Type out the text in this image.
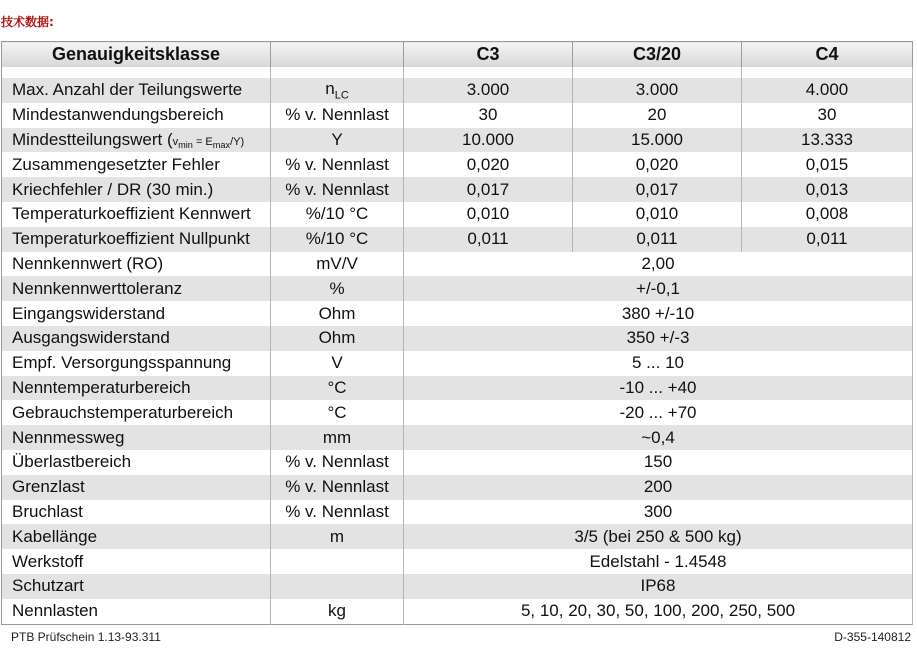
技术数据:
Genauigkeitsklasse		C3	C3/20	C4

Max. Anzahl der Teilungswerte	$n_{LC}$	3.000	3.000	4.000
Mindestanwendungsbereich	% v. Nennlast	30	20	30
Mindestteilungswert $(v_{min} = E_{max}/Y)$	Y	10.000	15.000	13.333
Zusammengesetzter Fehler	% v. Nennlast	0,020	0,020	0,015
Kriechfehler / DR (30 min.)	% v. Nennlast	0,017	0,017	0,013
Temperaturkoeffizient Kennwert	%/10 °C	0,010	0,010	0,008
Temperaturkoeffizient Nullpunkt	%/10 °C	0,011	0,011	0,011
Nennkennwert (RO)	mV/V	2,00		
Nennkennwerttoleranz	%	+/-0,1		
Eingangswiderstand	Ohm	380 +/-10		
Ausgangswiderstand	Ohm	350 +/-3		
Empf. Versorgungsspannung	V	5 ... 10		
Nenntemperaturbereich	°C	-10 ... +40		
Gebrauchstemperaturbereich	°C	-20 ... +70		
Nennmessweg	mm	~0,4		
Überlastbereich	% v. Nennlast	150		
Grenzlast	% v. Nennlast	200		
Bruchlast	% v. Nennlast	300		
Kabellänge	m	3/5 (bei 250 & 500 kg)		
Werkstoff		Edelstahl - 1.4548		
Schutzart		IP68		
Nennlasten	kg	5, 10, 20, 30, 50, 100, 200, 250, 500		
PTB Prüfschein 1.13-93.311	D-355-140812
